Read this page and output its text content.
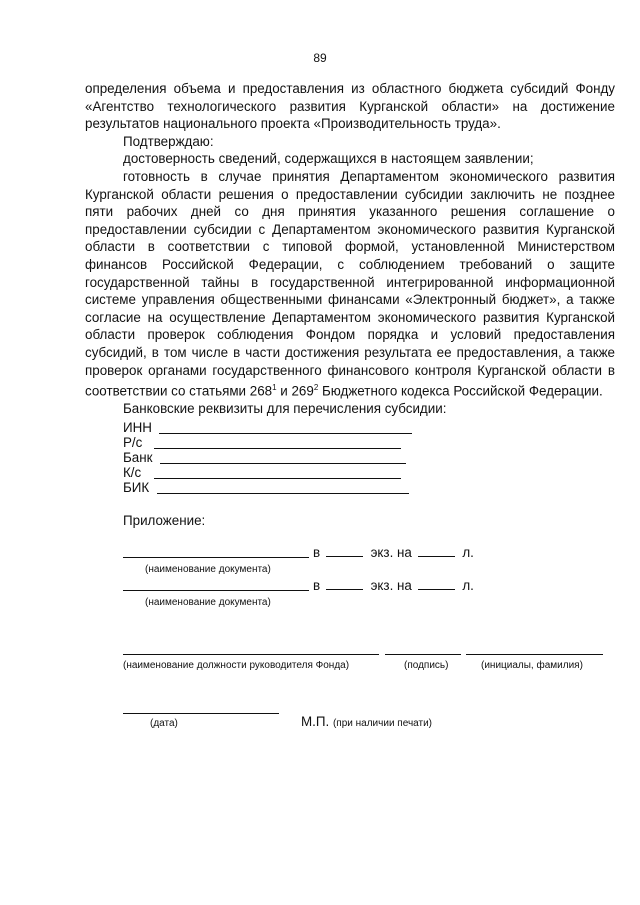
89

определения объема и предоставления из областного бюджета субсидий Фонду «Агентство технологического развития Курганской области» на достижение результатов национального проекта «Производительность труда».

Подтверждаю:

достоверность сведений, содержащихся в настоящем заявлении;

готовность в случае принятия Департаментом экономического развития Курганской области решения о предоставлении субсидии заключить не позднее пяти рабочих дней со дня принятия указанного решения соглашение о предоставлении субсидии с Департаментом экономического развития Курганской области в соответствии с типовой формой, установленной Министерством финансов Российской Федерации, с соблюдением требований о защите государственной тайны в государственной интегрированной информационной системе управления общественными финансами «Электронный бюджет», а также согласие на осуществление Департаментом экономического развития Курганской области проверок соблюдения Фондом порядка и условий предоставления субсидий, в том числе в части достижения результата ее предоставления, а также проверок органами государственного финансового контроля Курганской области в соответствии со статьями $268^1$ и $269^2$ Бюджетного кодекса Российской Федерации.

Банковские реквизиты для перечисления субсидии:

ИНН
Р/с
Банк
К/с
БИК
Приложение:
в	экз. на	л.
(наименование документа)
в	экз. на	л.
(наименование документа)
(наименование должности руководителя Фонда)	(подпись)	(инициалы, фамилия)
(дата)	М.П. (при наличии печати)
